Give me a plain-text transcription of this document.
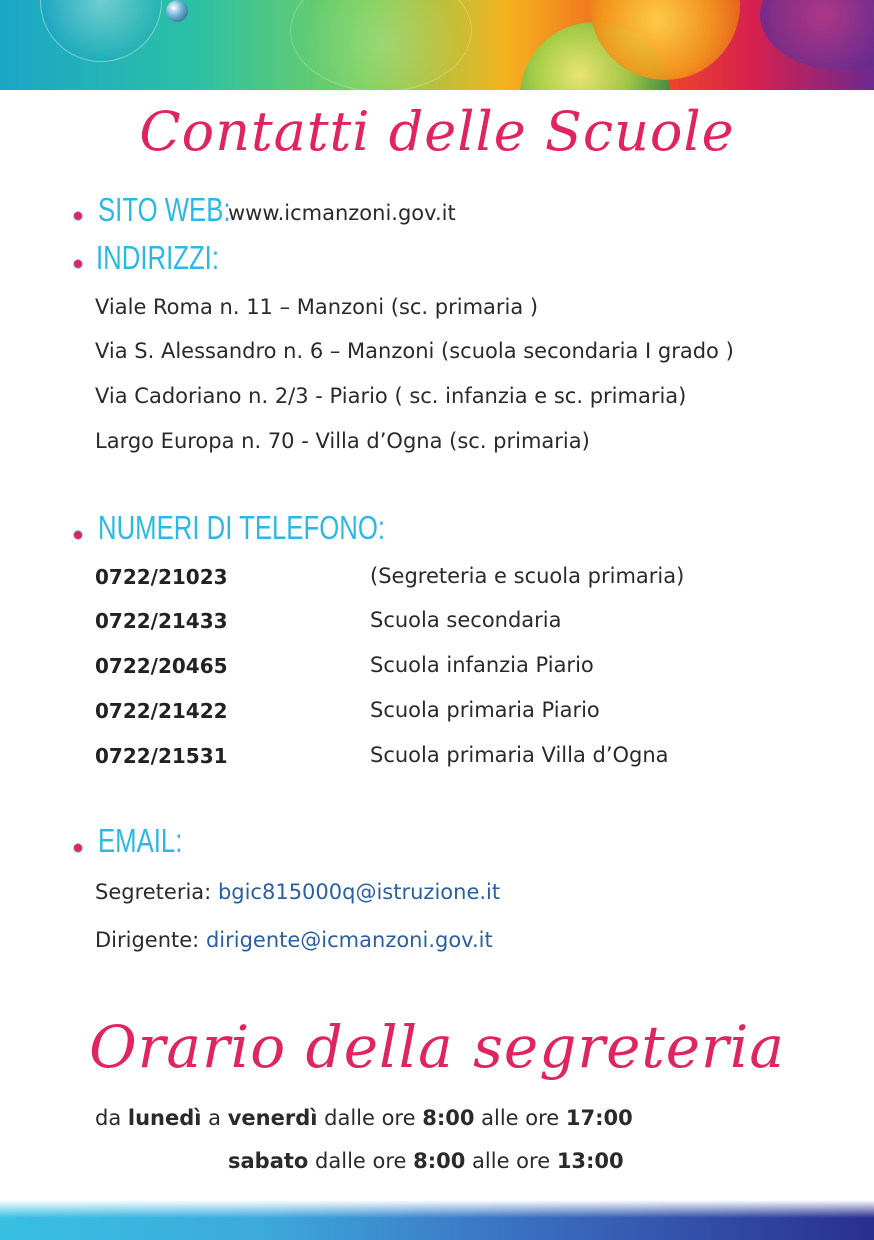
Contatti delle Scuole
SITO WEB:
www.icmanzoni.gov.it
INDIRIZZI:
Viale Roma n. 11 – Manzoni (sc. primaria )
Via S. Alessandro n. 6 – Manzoni (scuola secondaria I grado )
Via Cadoriano n. 2/3 - Piario ( sc. infanzia e sc. primaria)
Largo Europa n. 70 - Villa d’Ogna (sc. primaria)
NUMERI DI TELEFONO:
0722/21023	(Segreteria e scuola primaria)
0722/21433	Scuola secondaria
0722/20465	Scuola infanzia Piario
0722/21422	Scuola primaria Piario
0722/21531	Scuola primaria Villa d’Ogna
EMAIL:
Segreteria: bgic815000q@istruzione.it
Dirigente: dirigente@icmanzoni.gov.it
Orario della segreteria
da lunedì a venerdì dalle ore 8:00 alle ore 17:00
sabato dalle ore 8:00 alle ore 13:00
